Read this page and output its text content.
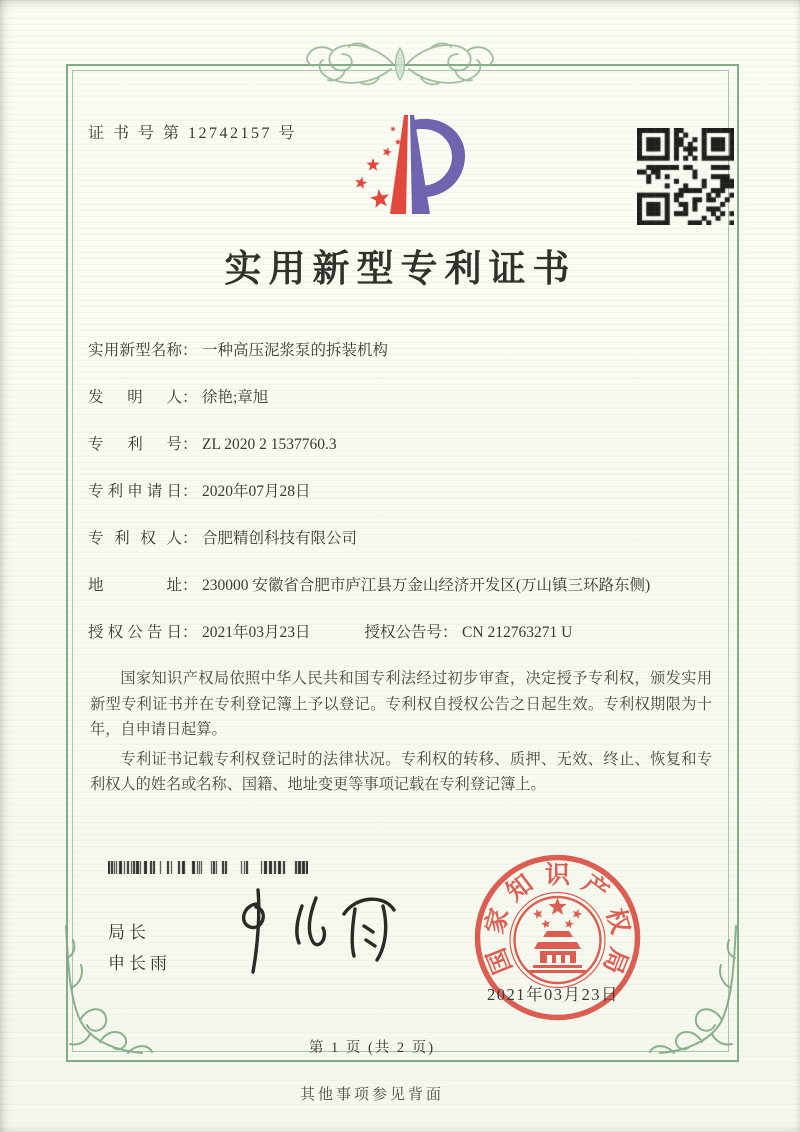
证 书 号 第 12742157 号
实用新型专利证书
实用新型名称 ： 一种高压泥浆泵的拆装机构
发明人 ： 徐艳;章旭
专利号 ： ZL 2020 2 1537760.3
专利申请日 ： 2020年07月28日
专利权人 ： 合肥精创科技有限公司
地址 ： 230000 安徽省合肥市庐江县万金山经济开发区(万山镇三环路东侧)
授权公告日 ： 2021年03月23日	授权公告号 ： CN 212763271 U

国家知识产权局依照中华人民共和国专利法经过初步审查，决定授予专利权，颁发实用新型专利证书并在专利登记簿上予以登记。专利权自授权公告之日起生效。专利权期限为十年，自申请日起算。

专利证书记载专利权登记时的法律状况。专利权的转移、质押、无效、终止、恢复和专利权人的姓名或名称、国籍、地址变更等事项记载在专利登记簿上。

局长
申长雨	国
家
知 识 产
权
局
2021年03月23日
第 1 页 (共 2 页)
其他事项参见背面
